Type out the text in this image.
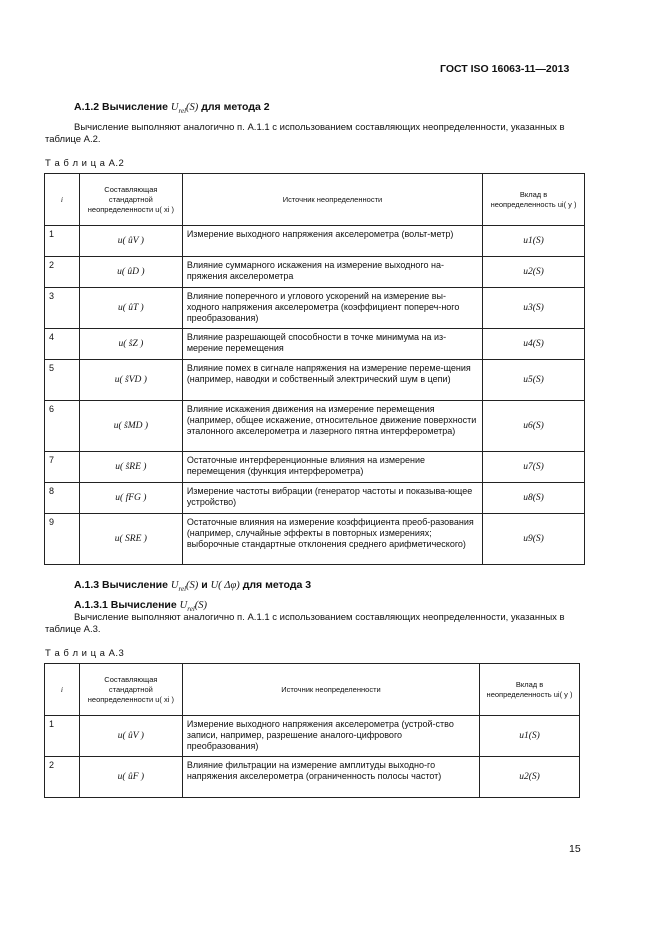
ГОСТ ISO 16063-11—2013
А.1.2 Вычисление $U_{rel}(S)$ для метода 2
Вычисление выполняют аналогично п. А.1.1 с использованием составляющих неопределенности, указанных в таблице А.2.
Т а б л и ц а А.2
i	Составляющая стандартной неопределенности u( xi )	Источник неопределенности	Вклад в неопределенность ui( y )
1	u( ûV )	Измерение выходного напряжения акселерометра (вольт-метр)	u1(S)
2	u( ûD )	Влияние суммарного искажения на измерение выходного на-пряжения акселерометра	u2(S)
3	u( ûT )	Влияние поперечного и углового ускорений на измерение вы-ходного напряжения акселерометра (коэффициент попереч-ного преобразования)	u3(S)
4	u( ŝZ )	Влияние разрешающей способности в точке минимума на из-мерение перемещения	u4(S)
5	u( ŝVD )	Влияние помех в сигнале напряжения на измерение переме-щения (например, наводки и собственный электрический шум в цепи)	u5(S)
6	u( ŝMD )	Влияние искажения движения на измерение перемещения (например, общее искажение, относительное движение поверхности эталонного акселерометра и лазерного пятна интерферометра)	u6(S)
7	u( ŝRE )	Остаточные интерференционные влияния на измерение перемещения (функция интерферометра)	u7(S)
8	u( fFG )	Измерение частоты вибрации (генератор частоты и показыва-ющее устройство)	u8(S)
9	u( SRE )	Остаточные влияния на измерение коэффициента преоб-разования (например, случайные эффекты в повторных измерениях; выборочные стандартные отклонения среднего арифметического)	u9(S)
А.1.3 Вычисление $U_{rel}(S)$ и U( Δφ) для метода 3
А.1.3.1 Вычисление $U_{rel}(S)$
Вычисление выполняют аналогично п. А.1.1 с использованием составляющих неопределенности, указанных в таблице А.3.
Т а б л и ц а А.3
i	Составляющая стандартной неопределенности u( xi )	Источник неопределенности	Вклад в неопределенность ui( y )
1	u( ûV )	Измерение выходного напряжения акселерометра (устрой-ство записи, например, разрешение аналого-цифрового преобразования)	u1(S)
2	u( ûF )	Влияние фильтрации на измерение амплитуды выходно-го напряжения акселерометра (ограниченность полосы частот)	u2(S)
15
